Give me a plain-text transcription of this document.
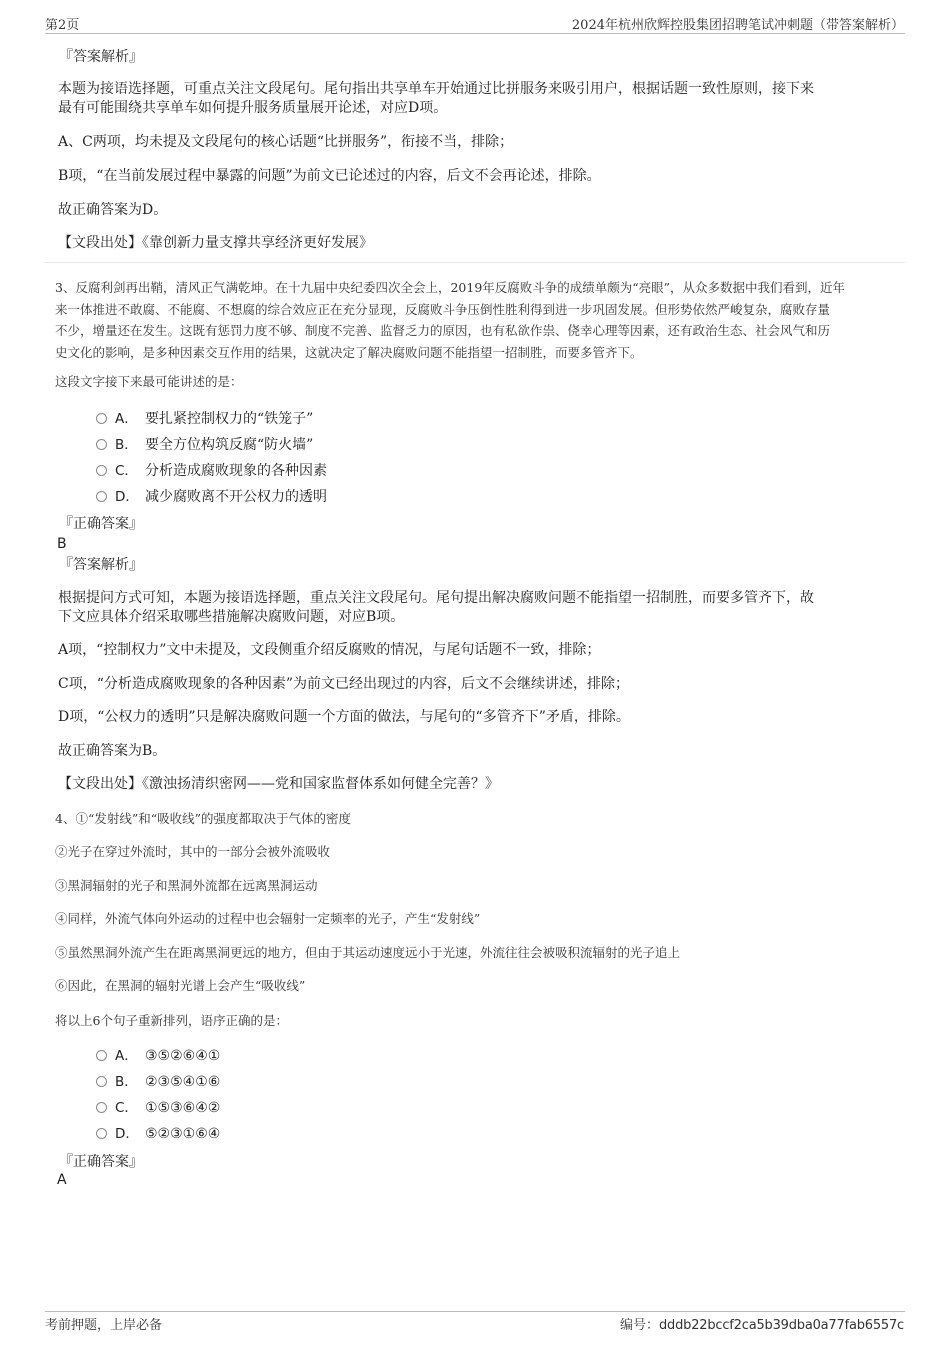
第2页	2024年杭州欣辉控股集团招聘笔试冲刺题（带答案解析）
『答案解析』
本题为接语选择题，可重点关注文段尾句。尾句指出共享单车开始通过比拼服务来吸引用户，根据话题一致性原则，接下来
最有可能围绕共享单车如何提升服务质量展开论述，对应D项。
A、C两项，均未提及文段尾句的核心话题“比拼服务”，衔接不当，排除；
B项，“在当前发展过程中暴露的问题”为前文已论述过的内容，后文不会再论述，排除。
故正确答案为D。
【文段出处】《靠创新力量支撑共享经济更好发展》
3、反腐利剑再出鞘，清风正气满乾坤。在十九届中央纪委四次全会上，2019年反腐败斗争的成绩单颇为“亮眼”，从众多数据中我们看到，近年
来一体推进不敢腐、不能腐、不想腐的综合效应正在充分显现，反腐败斗争压倒性胜利得到进一步巩固发展。但形势依然严峻复杂，腐败存量
不少，增量还在发生。这既有惩罚力度不够、制度不完善、监督乏力的原因，也有私欲作祟、侥幸心理等因素，还有政治生态、社会风气和历
史文化的影响，是多种因素交互作用的结果，这就决定了解决腐败问题不能指望一招制胜，而要多管齐下。
这段文字接下来最可能讲述的是：
A． 要扎紧控制权力的“铁笼子”
B． 要全方位构筑反腐“防火墙”
C． 分析造成腐败现象的各种因素
D． 减少腐败离不开公权力的透明
『正确答案』
B
『答案解析』
根据提问方式可知，本题为接语选择题，重点关注文段尾句。尾句提出解决腐败问题不能指望一招制胜，而要多管齐下，故
下文应具体介绍采取哪些措施解决腐败问题，对应B项。
A项，“控制权力”文中未提及，文段侧重介绍反腐败的情况，与尾句话题不一致，排除；
C项，“分析造成腐败现象的各种因素”为前文已经出现过的内容，后文不会继续讲述，排除；
D项，“公权力的透明”只是解决腐败问题一个方面的做法，与尾句的“多管齐下”矛盾，排除。
故正确答案为B。
【文段出处】《激浊扬清织密网——党和国家监督体系如何健全完善？》
4、①“发射线”和“吸收线”的强度都取决于气体的密度
②光子在穿过外流时，其中的一部分会被外流吸收
③黑洞辐射的光子和黑洞外流都在远离黑洞运动
④同样，外流气体向外运动的过程中也会辐射一定频率的光子，产生“发射线”
⑤虽然黑洞外流产生在距离黑洞更远的地方，但由于其运动速度远小于光速，外流往往会被吸积流辐射的光子追上
⑥因此，在黑洞的辐射光谱上会产生“吸收线”
将以上6个句子重新排列，语序正确的是：
A． ③⑤②⑥④①
B． ②③⑤④①⑥
C． ①⑤③⑥④②
D． ⑤②③①⑥④
『正确答案』
A
考前押题，上岸必备	编号：dddb22bccf2ca5b39dba0a77fab6557c
